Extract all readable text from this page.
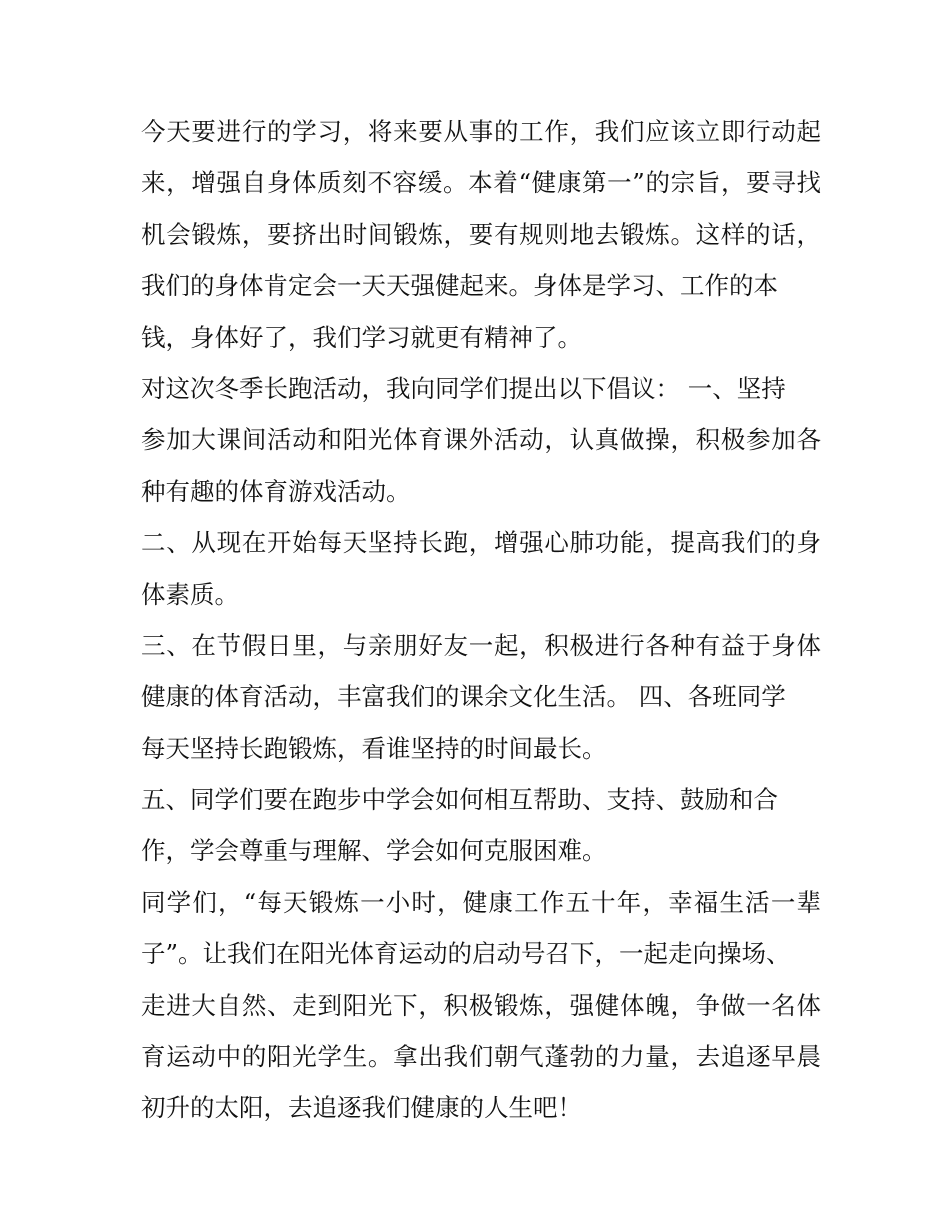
今天要进行的学习，将来要从事的工作，我们应该立即行动起

来，增强自身体质刻不容缓。本着“健康第一”的宗旨，要寻找

机会锻炼，要挤出时间锻炼，要有规则地去锻炼。这样的话，

我们的身体肯定会一天天强健起来。身体是学习、工作的本

钱，身体好了，我们学习就更有精神了。

对这次冬季长跑活动，我向同学们提出以下倡议： 一、坚持

参加大课间活动和阳光体育课外活动，认真做操，积极参加各

种有趣的体育游戏活动。

二、从现在开始每天坚持长跑，增强心肺功能，提高我们的身

体素质。

三、在节假日里，与亲朋好友一起，积极进行各种有益于身体

健康的体育活动，丰富我们的课余文化生活。 四、各班同学

每天坚持长跑锻炼，看谁坚持的时间最长。

五、同学们要在跑步中学会如何相互帮助、支持、鼓励和合

作，学会尊重与理解、学会如何克服困难。

同学们，“每天锻炼一小时，健康工作五十年，幸福生活一辈

子”。让我们在阳光体育运动的启动号召下，一起走向操场、

走进大自然、走到阳光下，积极锻炼，强健体魄，争做一名体

育运动中的阳光学生。拿出我们朝气蓬勃的力量，去追逐早晨

初升的太阳，去追逐我们健康的人生吧！
